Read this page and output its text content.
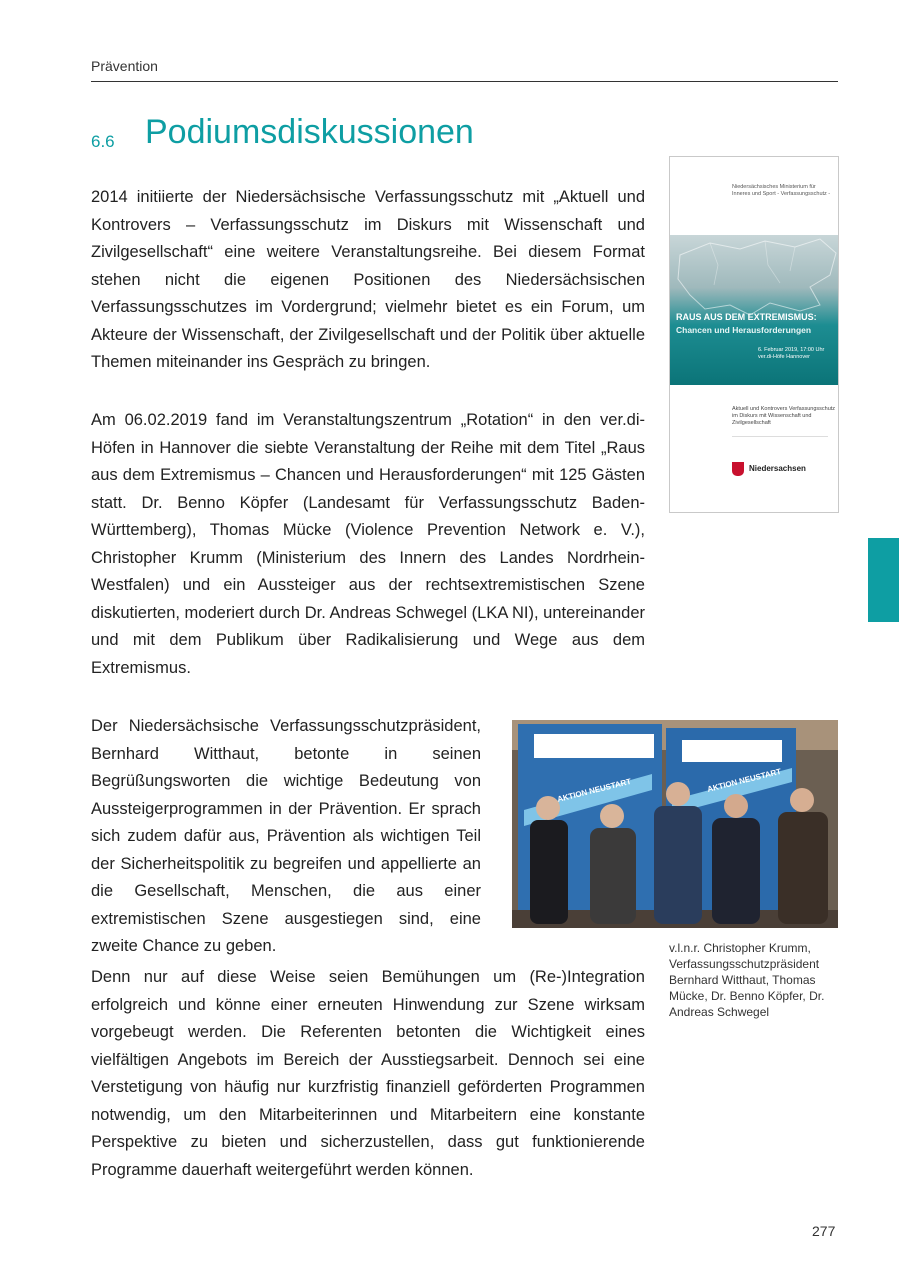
Prävention
6.6 Podiumsdiskussionen

2014 initiierte der Niedersächsische Verfassungsschutz mit „Aktuell und Kontrovers – Verfassungsschutz im Diskurs mit Wissenschaft und Zivilgesellschaft“ eine weitere Veranstaltungsreihe. Bei diesem Format stehen nicht die eigenen Positionen des Niedersächsischen Verfassungsschutzes im Vordergrund; vielmehr bietet es ein Forum, um Akteure der Wissenschaft, der Zivilgesellschaft und der Politik über aktuelle Themen miteinander ins Gespräch zu bringen.

Am 06.02.2019 fand im Veranstaltungszentrum „Rotation“ in den ver.di-Höfen in Hannover die siebte Veranstaltung der Reihe mit dem Titel „Raus aus dem Extremismus – Chancen und Herausforderungen“ mit 125 Gästen statt. Dr. Benno Köpfer (Landesamt für Verfassungsschutz Baden-Württemberg), Thomas Mücke (Violence Prevention Network e. V.), Christopher Krumm (Ministerium des Innern des Landes Nordrhein-Westfalen) und ein Aussteiger aus der rechtsextremistischen Szene diskutierten, moderiert durch Dr. Andreas Schwegel (LKA NI), untereinander und mit dem Publikum über Radikalisierung und Wege aus dem Extremismus.

Der Niedersächsische Verfassungsschutzpräsident, Bernhard Witthaut, betonte in seinen Begrüßungsworten die wichtige Bedeutung von Aussteigerprogrammen in der Prävention. Er sprach sich zudem dafür aus, Prävention als wichtigen Teil der Sicherheitspolitik zu begreifen und appellierte an die Gesellschaft, Menschen, die aus einer extremistischen Szene ausgestiegen sind, eine zweite Chance zu geben.

Denn nur auf diese Weise seien Bemühungen um (Re-)Integration erfolgreich und könne einer erneuten Hinwendung zur Szene wirksam vorgebeugt werden. Die Referenten betonten die Wichtigkeit eines vielfältigen Angebots im Bereich der Ausstiegsarbeit. Dennoch sei eine Verstetigung von häufig nur kurzfristig finanziell geförderten Programmen notwendig, um den Mitarbeiterinnen und Mitarbeitern eine konstante Perspektive zu bieten und sicherzustellen, dass gut funktionierende Programme dauerhaft weitergeführt werden können.

Niedersächsisches Ministerium für Inneres und Sport - Verfassungsschutz -
RAUS AUS DEM EXTREMISMUS:
Chancen und Herausforderungen
6. Februar 2019, 17:00 Uhr ver.di-Höfe Hannover
Aktuell und Kontrovers Verfassungsschutz im Diskurs mit Wissenschaft und Zivilgesellschaft
Niedersachsen
AKTION NEUSTART	AKTION NEUSTART

v.l.n.r. Christopher Krumm, Verfassungsschutzpräsident Bernhard Witthaut, Thomas Mücke, Dr. Benno Köpfer, Dr. Andreas Schwegel

277
